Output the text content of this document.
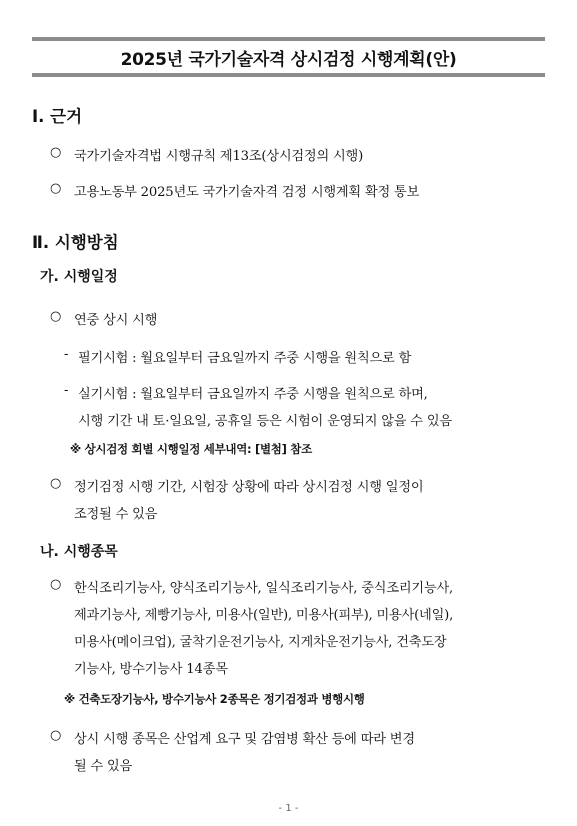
2025년 국가기술자격 상시검정 시행계획(안)
Ⅰ. 근거
○ 국가기술자격법 시행규칙 제13조(상시검정의 시행)
○ 고용노동부 2025년도 국가기술자격 검정 시행계획 확정 통보
Ⅱ. 시행방침
가. 시행일정
○ 연중 상시 시행
- 필기시험 : 월요일부터 금요일까지 주중 시행을 원칙으로 함
- 실기시험 : 월요일부터 금요일까지 주중 시행을 원칙으로 하며,
시행 기간 내 토·일요일, 공휴일 등은 시험이 운영되지 않을 수 있음
※ 상시검정 회별 시행일정 세부내역: [별첨] 참조
○ 정기검정 시행 기간, 시험장 상황에 따라 상시검정 시행 일정이
조정될 수 있음
나. 시행종목
○ 한식조리기능사, 양식조리기능사, 일식조리기능사, 중식조리기능사,
제과기능사, 제빵기능사, 미용사(일반), 미용사(피부), 미용사(네일),
미용사(메이크업), 굴착기운전기능사, 지게차운전기능사, 건축도장
기능사, 방수기능사 14종목
※ 건축도장기능사, 방수기능사 2종목은 정기검정과 병행시행
○ 상시 시행 종목은 산업계 요구 및 감염병 확산 등에 따라 변경
될 수 있음
- 1 -
